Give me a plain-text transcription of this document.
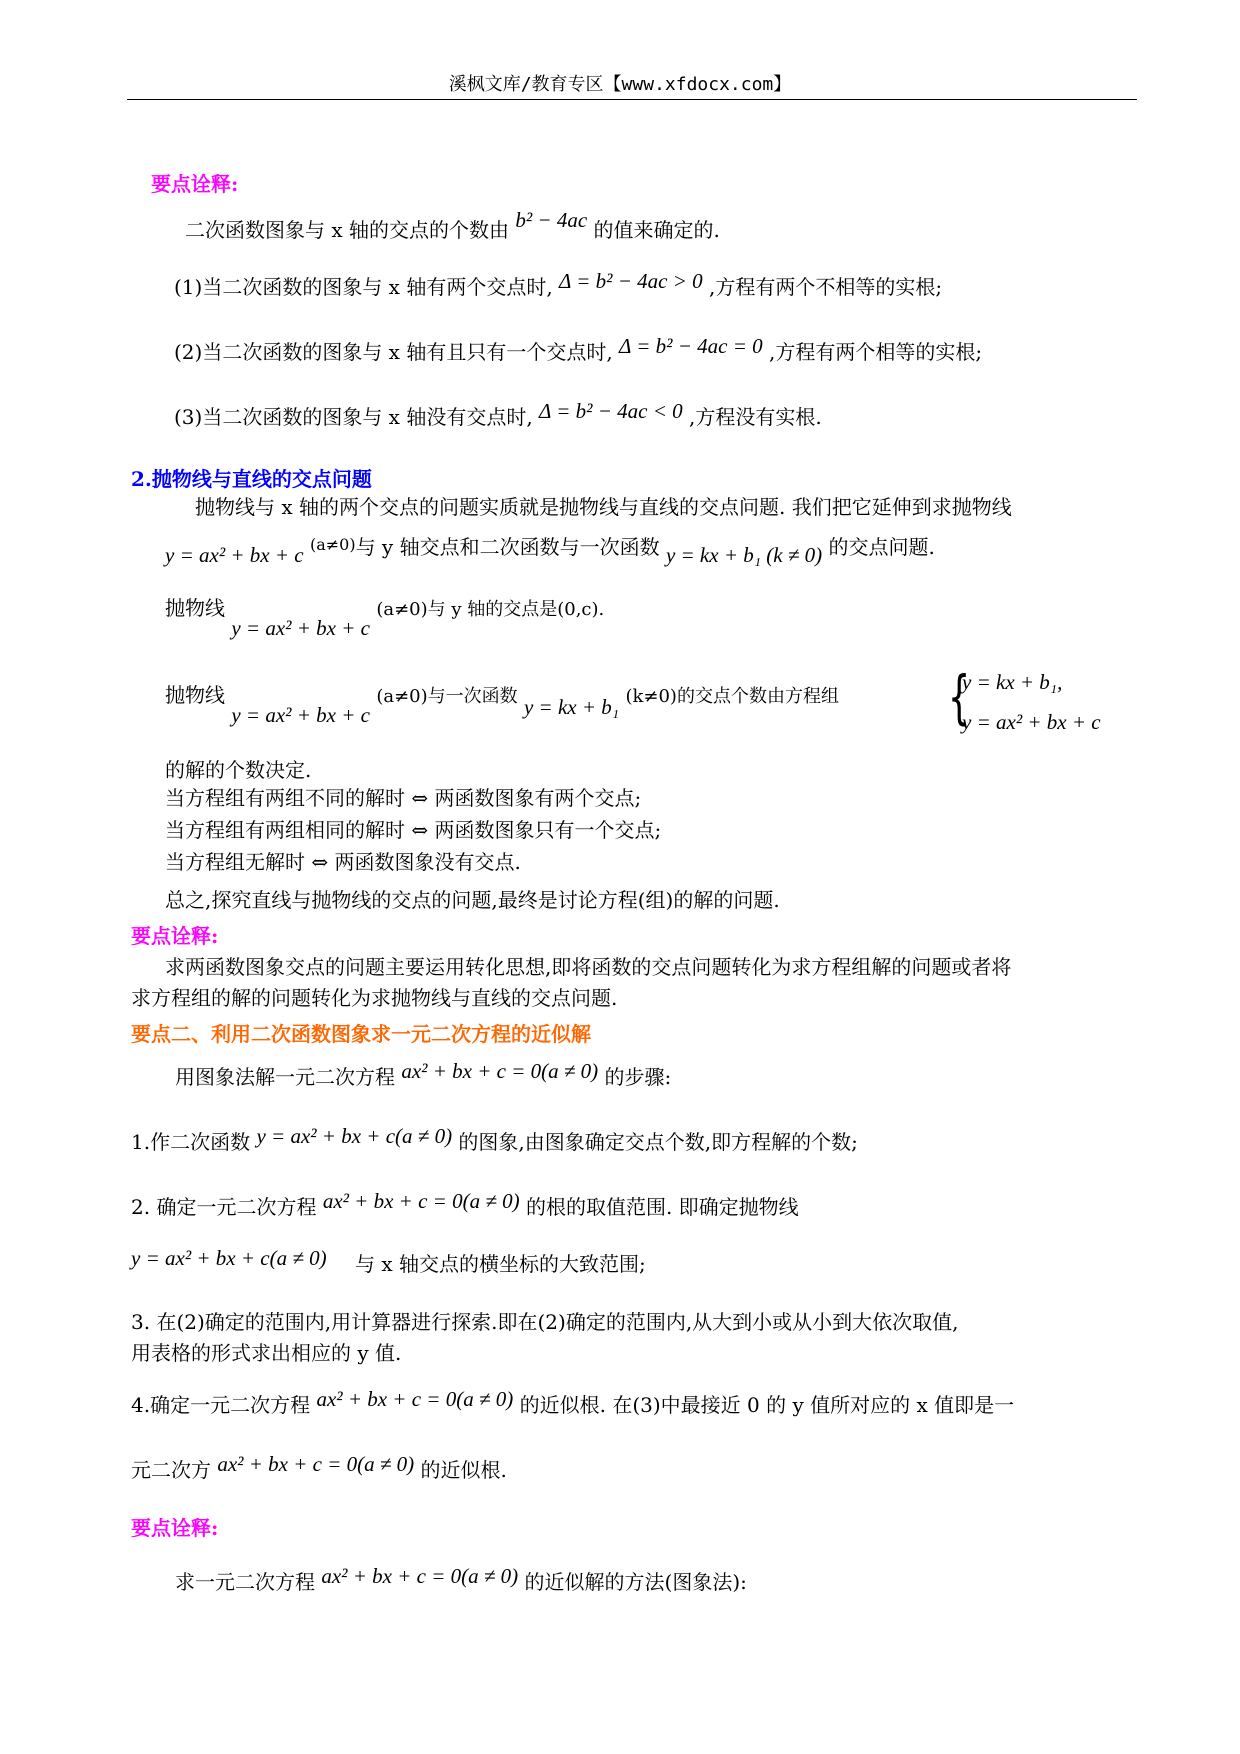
溪枫文库/教育专区【www.xfdocx.com】
要点诠释:
二次函数图象与 x 轴的交点的个数由 b² − 4ac 的值来确定的.
(1)当二次函数的图象与 x 轴有两个交点时, Δ = b² − 4ac > 0 ,方程有两个不相等的实根;
(2)当二次函数的图象与 x 轴有且只有一个交点时, Δ = b² − 4ac = 0 ,方程有两个相等的实根;
(3)当二次函数的图象与 x 轴没有交点时, Δ = b² − 4ac < 0 ,方程没有实根.
2.抛物线与直线的交点问题
抛物线与 x 轴的两个交点的问题实质就是抛物线与直线的交点问题. 我们把它延伸到求抛物线
y = ax² + bx + c $^{(a\ne 0)}$与 y 轴交点和二次函数与一次函数 y = kx + b₁ (k ≠ 0) 的交点问题.
抛物线 y = ax² + bx + c (a≠0)与 y 轴的交点是(0,c).
抛物线 y = ax² + bx + c (a≠0)与一次函数 y = kx + b₁ (k≠0)的交点个数由方程组 {
y = kx + b₁,
y = ax² + bx + c
的解的个数决定.
当方程组有两组不同的解时 ⇔ 两函数图象有两个交点;
当方程组有两组相同的解时 ⇔ 两函数图象只有一个交点;
当方程组无解时 ⇔ 两函数图象没有交点.
总之,探究直线与抛物线的交点的问题,最终是讨论方程(组)的解的问题.
要点诠释:
求两函数图象交点的问题主要运用转化思想,即将函数的交点问题转化为求方程组解的问题或者将
求方程组的解的问题转化为求抛物线与直线的交点问题.
要点二、利用二次函数图象求一元二次方程的近似解
用图象法解一元二次方程 ax² + bx + c = 0(a ≠ 0) 的步骤:
1.作二次函数 y = ax² + bx + c(a ≠ 0) 的图象,由图象确定交点个数,即方程解的个数;
2. 确定一元二次方程 ax² + bx + c = 0(a ≠ 0) 的根的取值范围. 即确定抛物线
y = ax² + bx + c(a ≠ 0) 与 x 轴交点的横坐标的大致范围;
3. 在(2)确定的范围内,用计算器进行探索.即在(2)确定的范围内,从大到小或从小到大依次取值,
用表格的形式求出相应的 y 值.
4.确定一元二次方程 ax² + bx + c = 0(a ≠ 0) 的近似根. 在(3)中最接近 0 的 y 值所对应的 x 值即是一
元二次方 ax² + bx + c = 0(a ≠ 0) 的近似根.
要点诠释:
求一元二次方程 ax² + bx + c = 0(a ≠ 0) 的近似解的方法(图象法):
